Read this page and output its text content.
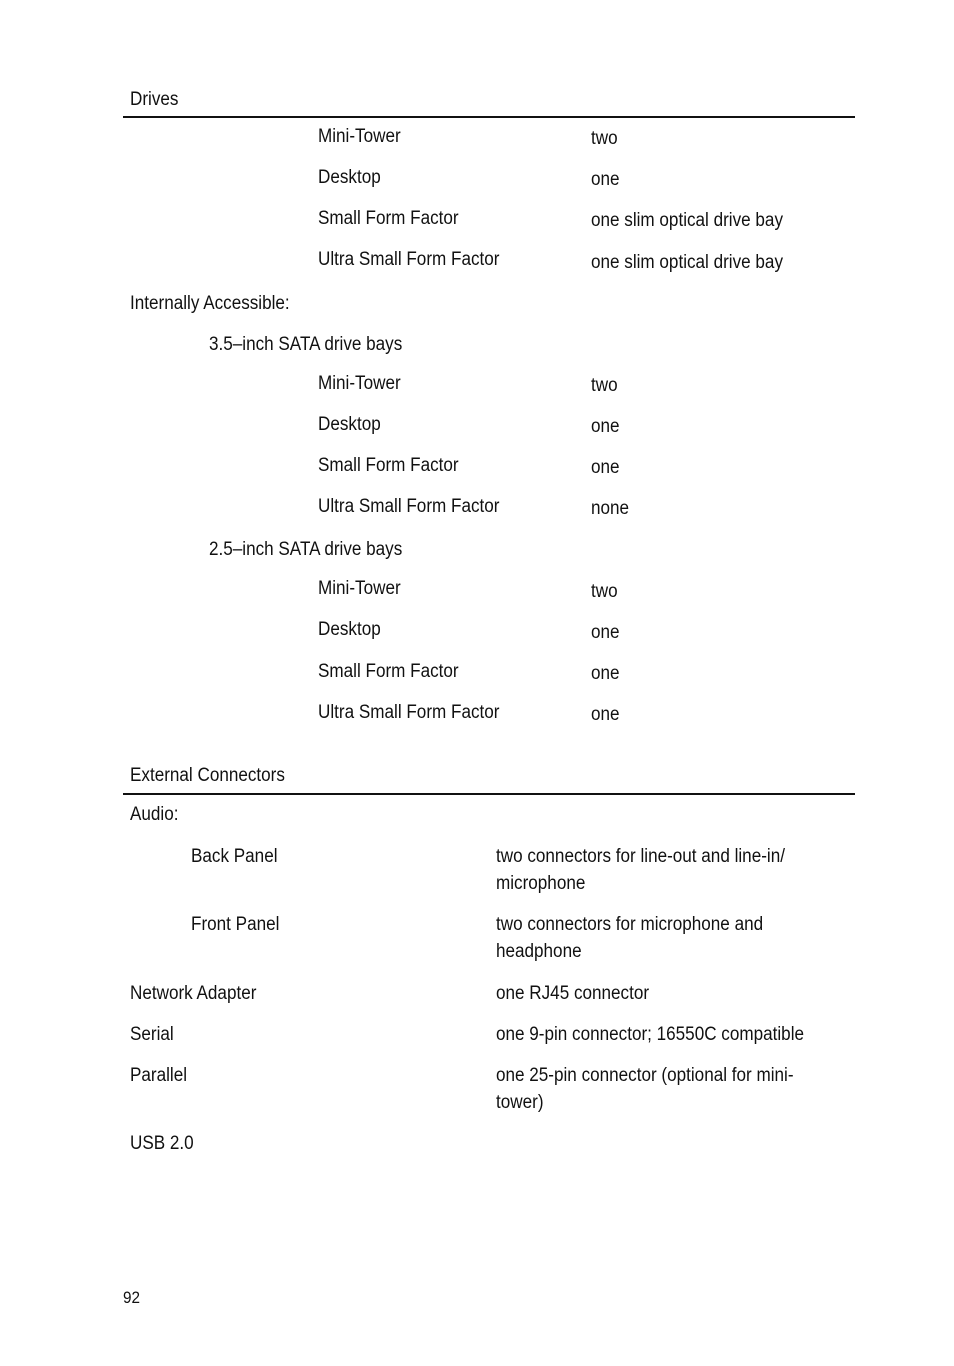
Drives
Mini-Tower	two
Desktop	one
Small Form Factor	one slim optical drive bay
Ultra Small Form Factor	one slim optical drive bay
Internally Accessible:
3.5–inch SATA drive bays
Mini-Tower	two
Desktop	one
Small Form Factor	one
Ultra Small Form Factor	none
2.5–inch SATA drive bays
Mini-Tower	two
Desktop	one
Small Form Factor	one
Ultra Small Form Factor	one
External Connectors
Audio:
Back Panel	two connectors for line-out and line-in/
microphone
Front Panel	two connectors for microphone and
headphone
Network Adapter	one RJ45 connector
Serial	one 9-pin connector; 16550C compatible
Parallel	one 25-pin connector (optional for mini-
tower)
USB 2.0
92
